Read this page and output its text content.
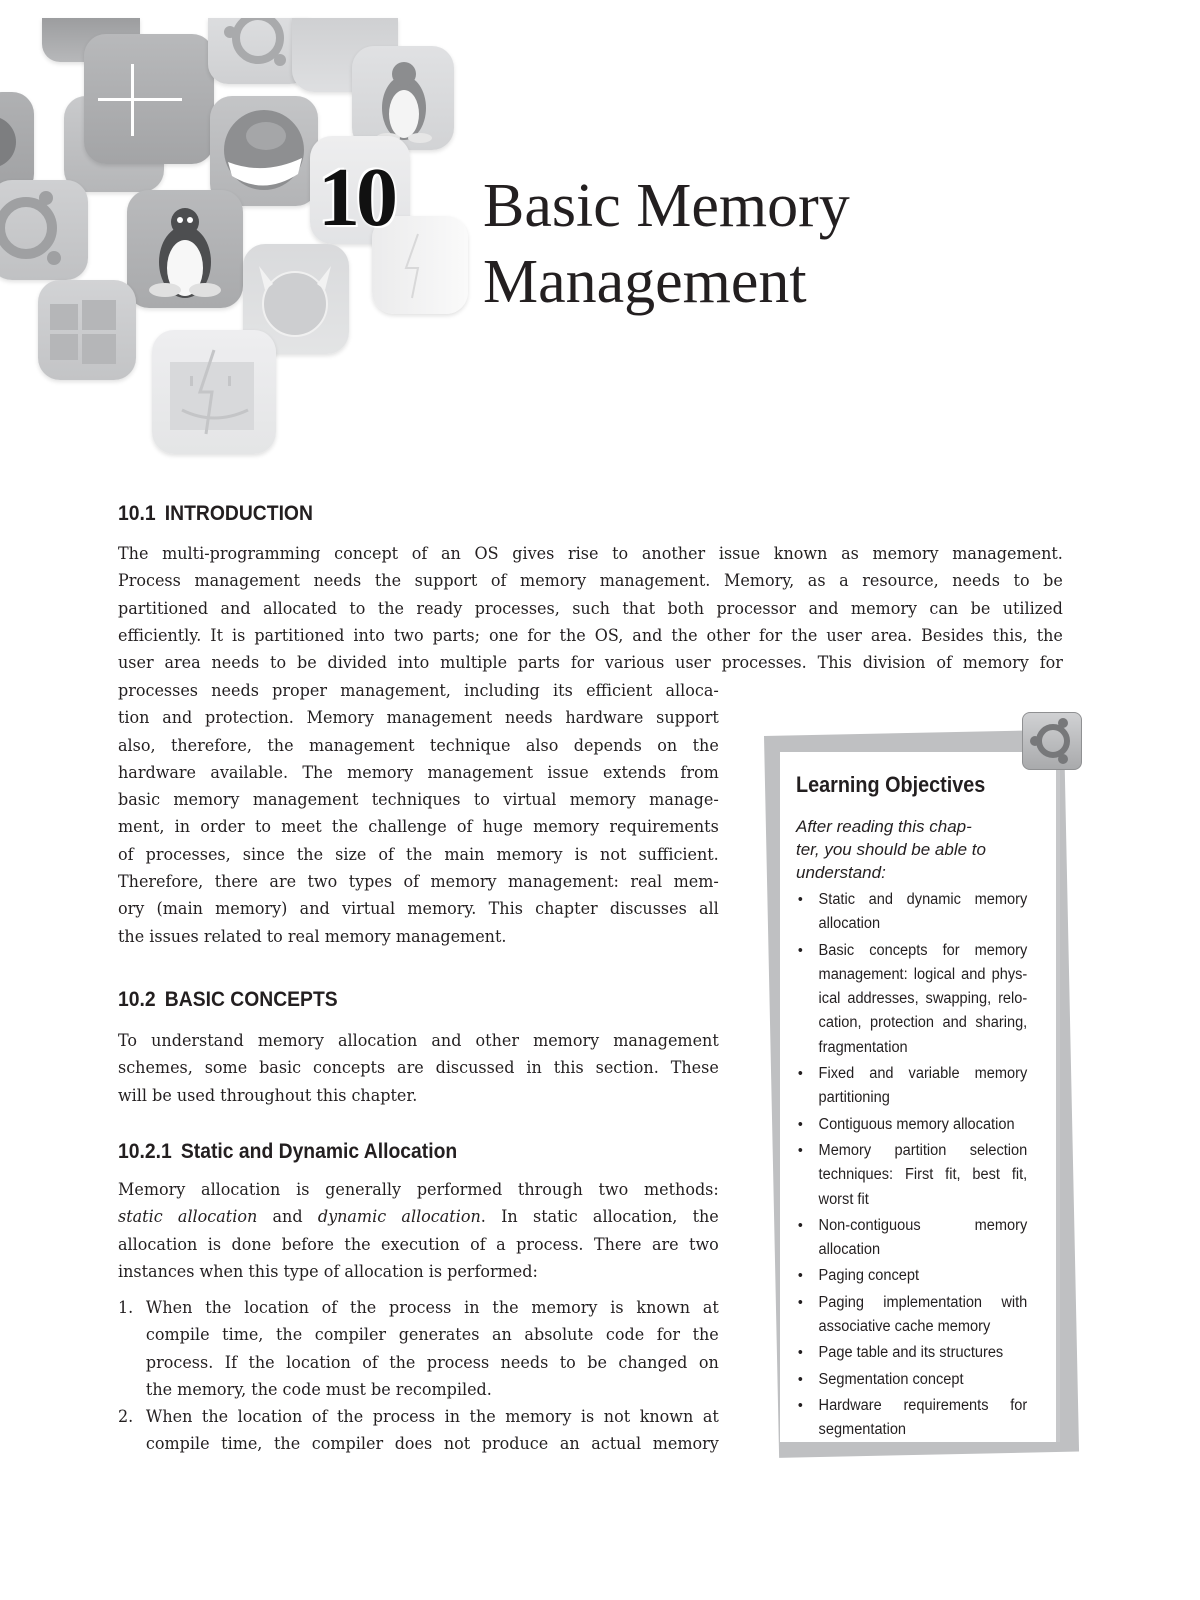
10 Basic Memory
Management
10.1 INTRODUCTION

The multi-programming concept of an OS gives rise to another issue known as memory management.
Process management needs the support of memory management. Memory, as a resource, needs to be
partitioned and allocated to the ready processes, such that both processor and memory can be utilized
efficiently. It is partitioned into two parts; one for the OS, and the other for the user area. Besides this, the
user area needs to be divided into multiple parts for various user processes. This division of memory for

processes needs proper management, including its efficient alloca-
tion and protection. Memory management needs hardware support
also, therefore, the management technique also depends on the
hardware available. The memory management issue extends from
basic memory management techniques to virtual memory manage-
ment, in order to meet the challenge of huge memory requirements
of processes, since the size of the main memory is not sufficient.
Therefore, there are two types of memory management: real mem-
ory (main memory) and virtual memory. This chapter discusses all
the issues related to real memory management.

10.2 BASIC CONCEPTS

To understand memory allocation and other memory management
schemes, some basic concepts are discussed in this section. These
will be used throughout this chapter.

10.2.1 Static and Dynamic Allocation

Memory allocation is generally performed through two methods:
static allocation and dynamic allocation. In static allocation, the
allocation is done before the execution of a process. There are two
instances when this type of allocation is performed:

1. When the location of the process in the memory is known at
compile time, the compiler generates an absolute code for the
process. If the location of the process needs to be changed on
the memory, the code must be recompiled.
2. When the location of the process in the memory is not known at
compile time, the compiler does not produce an actual memory
Learning Objectives

After reading this chap-
ter, you should be able to
understand:

• Static and dynamic memory
allocation
• Basic concepts for memory
management: logical and phys-
ical addresses, swapping, relo-
cation, protection and sharing,
fragmentation
• Fixed and variable memory
partitioning
• Contiguous memory allocation
• Memory partition selection
techniques: First fit, best fit,
worst fit
• Non-contiguous memory
allocation
• Paging concept
• Paging implementation with
associative cache memory
• Page table and its structures
• Segmentation concept
• Hardware requirements for
segmentation
